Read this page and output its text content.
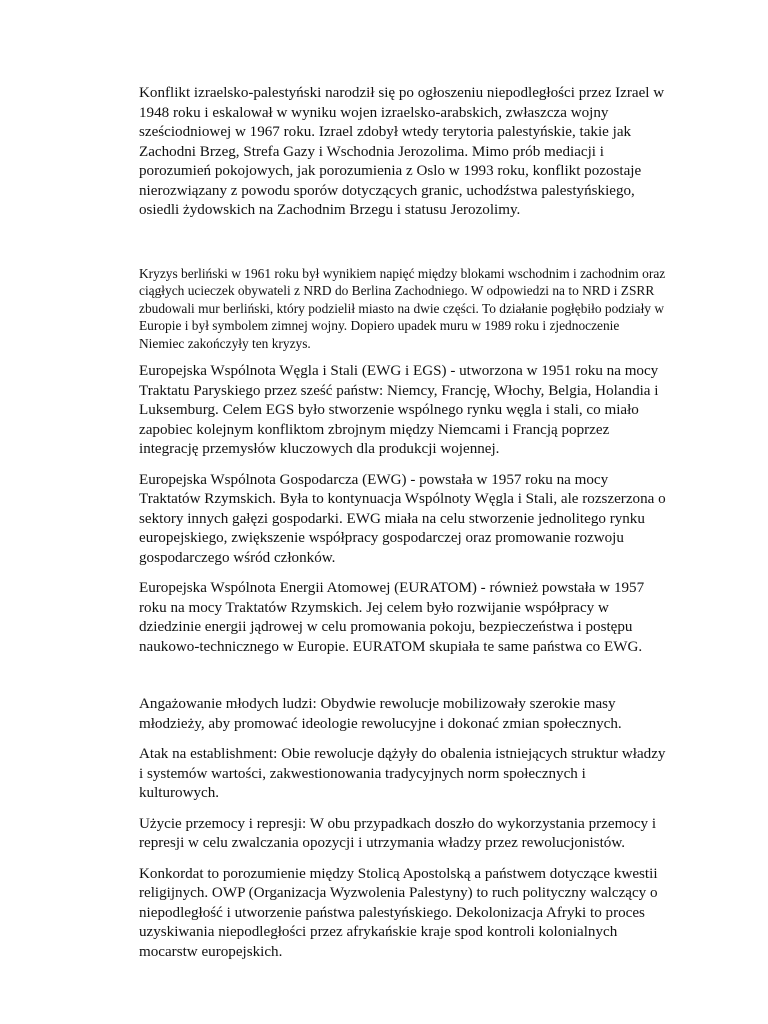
Konflikt izraelsko-palestyński narodził się po ogłoszeniu niepodległości przez Izrael w 1948 roku i eskalował w wyniku wojen izraelsko-arabskich, zwłaszcza wojny sześciodniowej w 1967 roku. Izrael zdobył wtedy terytoria palestyńskie, takie jak Zachodni Brzeg, Strefa Gazy i Wschodnia Jerozolima. Mimo prób mediacji i porozumień pokojowych, jak porozumienia z Oslo w 1993 roku, konflikt pozostaje nierozwiązany z powodu sporów dotyczących granic, uchodźstwa palestyńskiego, osiedli żydowskich na Zachodnim Brzegu i statusu Jerozolimy.

Kryzys berliński w 1961 roku był wynikiem napięć między blokami wschodnim i zachodnim oraz ciągłych ucieczek obywateli z NRD do Berlina Zachodniego. W odpowiedzi na to NRD i ZSRR zbudowali mur berliński, który podzielił miasto na dwie części. To działanie pogłębiło podziały w Europie i był symbolem zimnej wojny. Dopiero upadek muru w 1989 roku i zjednoczenie Niemiec zakończyły ten kryzys.

Europejska Wspólnota Węgla i Stali (EWG i EGS) - utworzona w 1951 roku na mocy Traktatu Paryskiego przez sześć państw: Niemcy, Francję, Włochy, Belgia, Holandia i Luksemburg. Celem EGS było stworzenie wspólnego rynku węgla i stali, co miało zapobiec kolejnym konfliktom zbrojnym między Niemcami i Francją poprzez integrację przemysłów kluczowych dla produkcji wojennej.

Europejska Wspólnota Gospodarcza (EWG) - powstała w 1957 roku na mocy Traktatów Rzymskich. Była to kontynuacja Wspólnoty Węgla i Stali, ale rozszerzona o sektory innych gałęzi gospodarki. EWG miała na celu stworzenie jednolitego rynku europejskiego, zwiększenie współpracy gospodarczej oraz promowanie rozwoju gospodarczego wśród członków.

Europejska Wspólnota Energii Atomowej (EURATOM) - również powstała w 1957 roku na mocy Traktatów Rzymskich. Jej celem było rozwijanie współpracy w dziedzinie energii jądrowej w celu promowania pokoju, bezpieczeństwa i postępu naukowo-technicznego w Europie. EURATOM skupiała te same państwa co EWG.

Angażowanie młodych ludzi: Obydwie rewolucje mobilizowały szerokie masy młodzieży, aby promować ideologie rewolucyjne i dokonać zmian społecznych.

Atak na establishment: Obie rewolucje dążyły do obalenia istniejących struktur władzy i systemów wartości, zakwestionowania tradycyjnych norm społecznych i kulturowych.

Użycie przemocy i represji: W obu przypadkach doszło do wykorzystania przemocy i represji w celu zwalczania opozycji i utrzymania władzy przez rewolucjonistów.

Konkordat to porozumienie między Stolicą Apostolską a państwem dotyczące kwestii religijnych. OWP (Organizacja Wyzwolenia Palestyny) to ruch polityczny walczący o niepodległość i utworzenie państwa palestyńskiego. Dekolonizacja Afryki to proces uzyskiwania niepodległości przez afrykańskie kraje spod kontroli kolonialnych mocarstw europejskich.
